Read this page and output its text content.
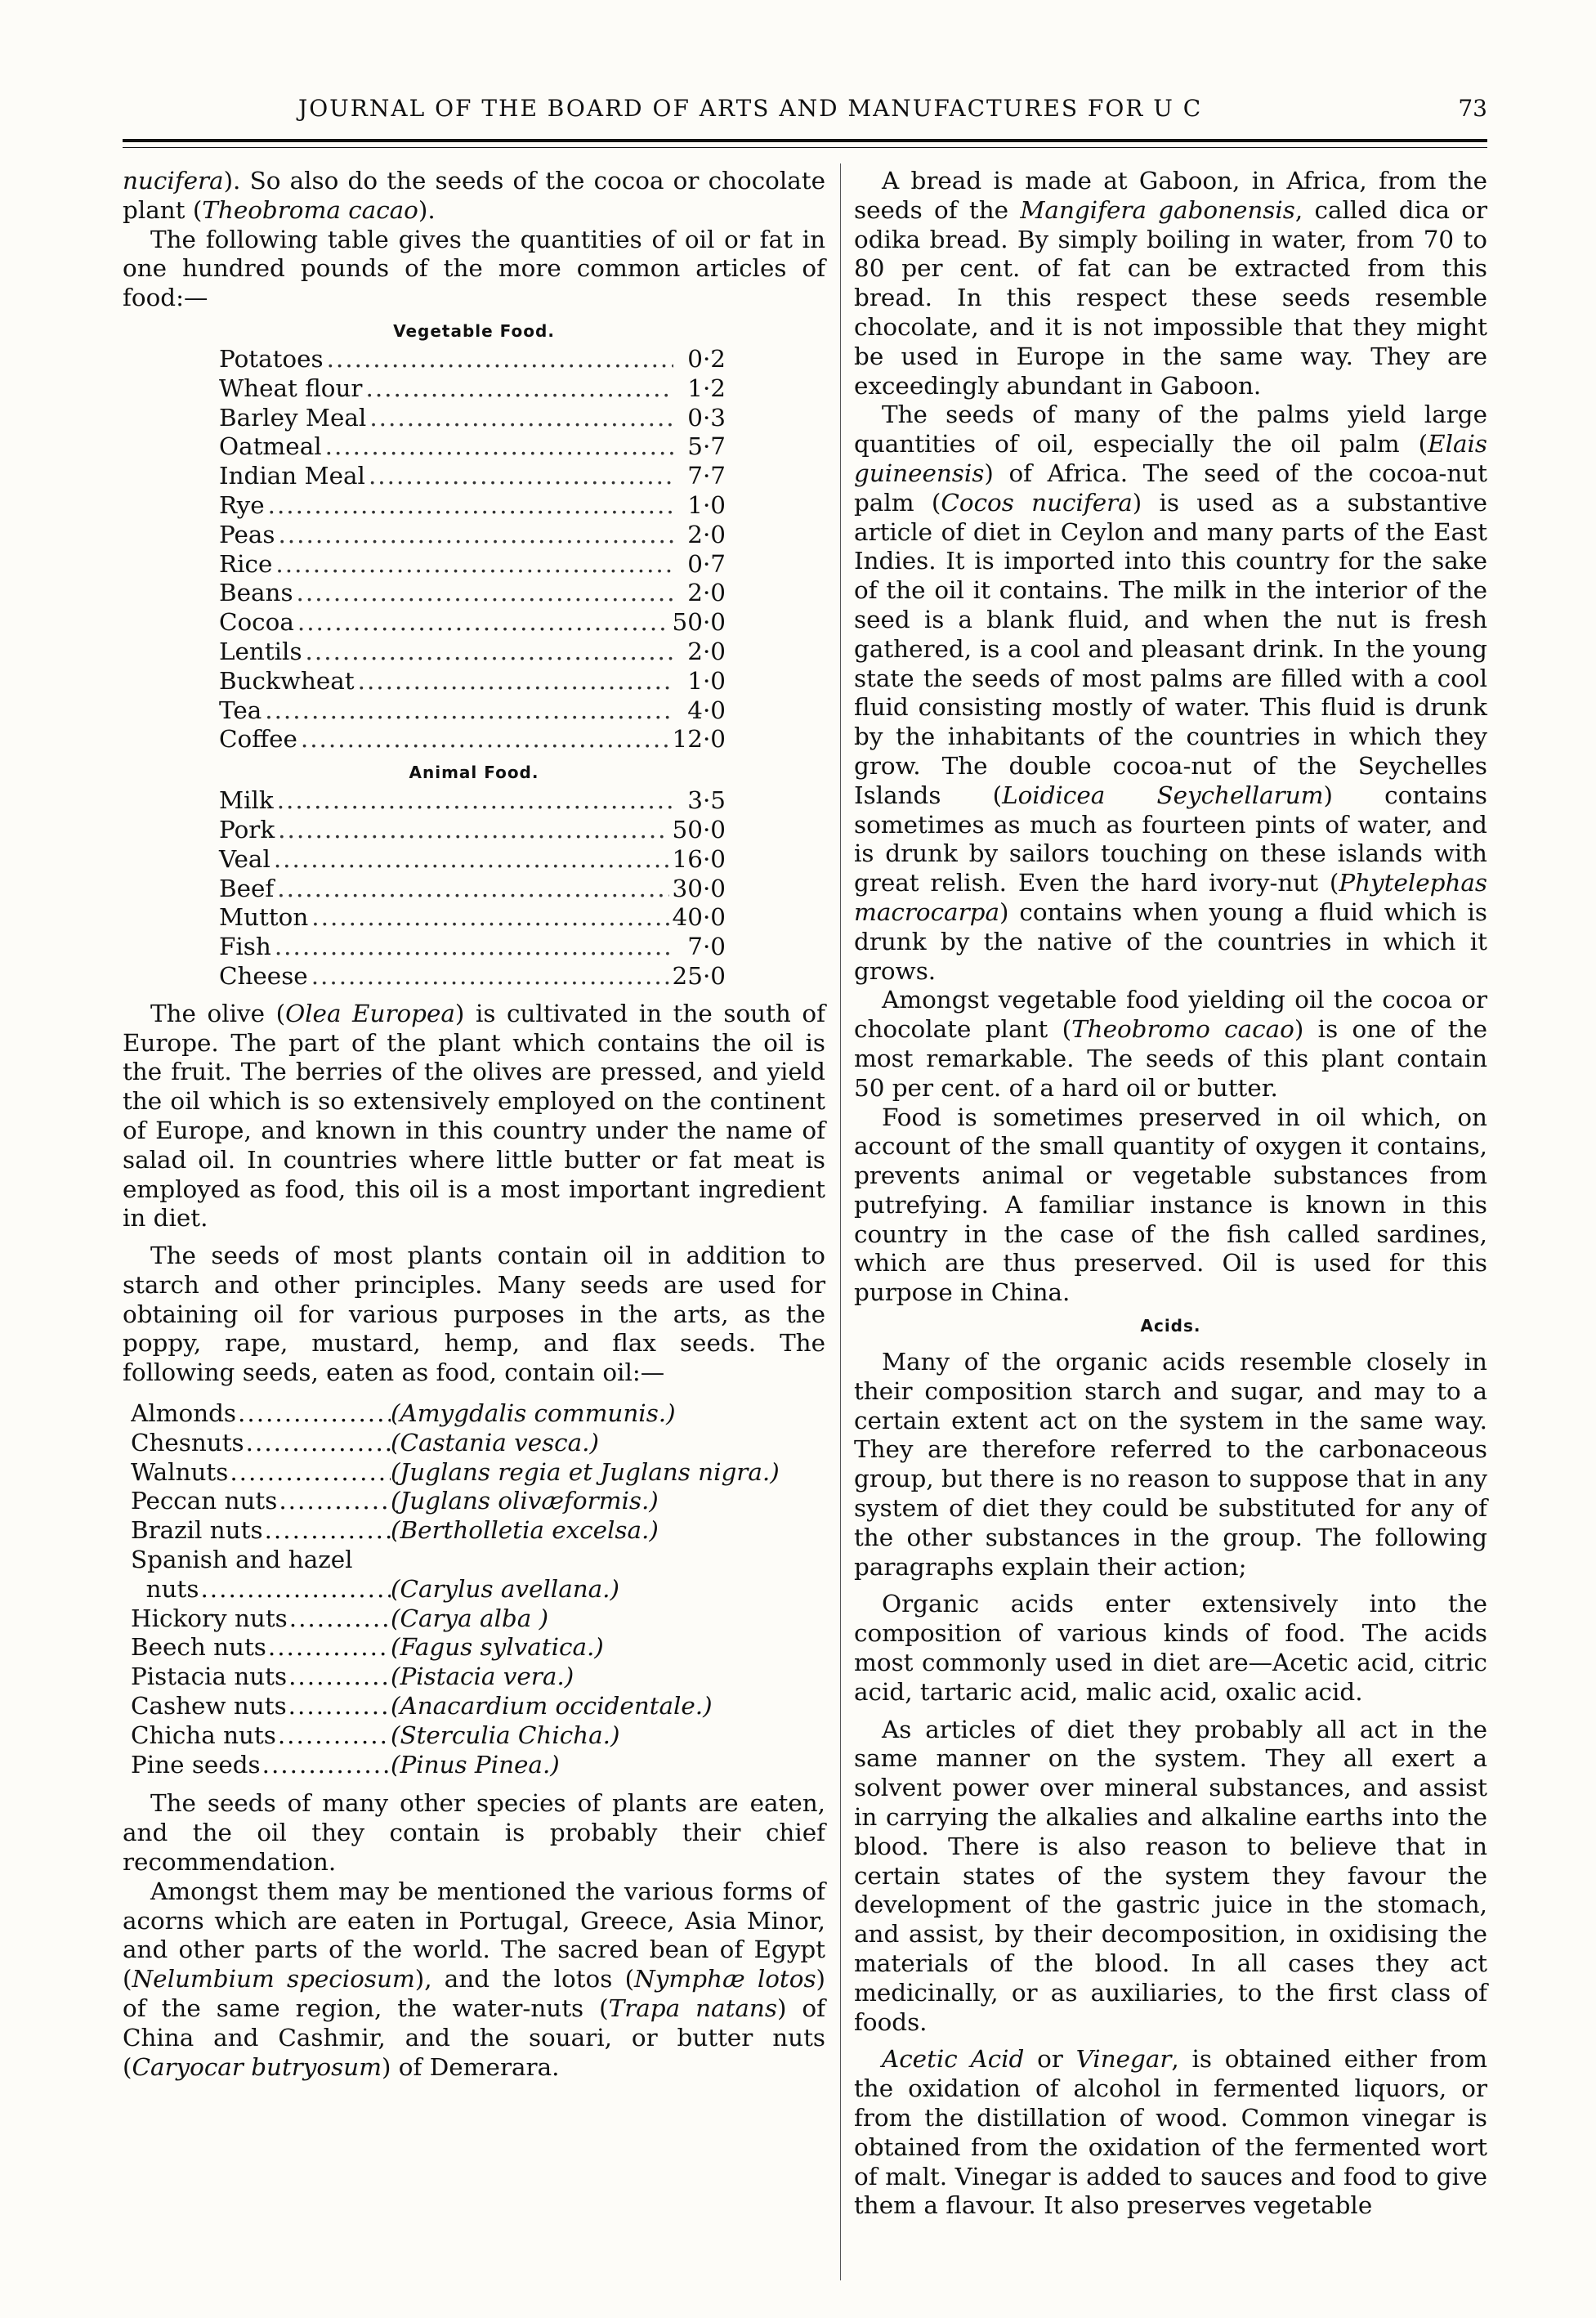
JOURNAL OF THE BOARD OF ARTS AND MANUFACTURES FOR U C	73

nucifera). So also do the seeds of the cocoa or chocolate plant (Theobroma cacao).

The following table gives the quantities of oil or fat in one hundred pounds of the more common articles of food:—

Vegetable Food.
Potatoes .....	0·2
Wheat flour .....	1·2
Barley Meal .....	0·3
Oatmeal .....	5·7
Indian Meal .....	7·7
Rye .....	1·0
Peas .....	2·0
Rice .....	0·7
Beans .....	2·0
Cocoa .....	50·0
Lentils .....	2·0
Buckwheat .....	1·0
Tea .....	4·0
Coffee .....	12·0
Animal Food.
Milk .....	3·5
Pork .....	50·0
Veal .....	16·0
Beef .....	30·0
Mutton .....	40·0
Fish .....	7·0
Cheese .....	25·0

The olive (Olea Europea) is cultivated in the south of Europe. The part of the plant which contains the oil is the fruit. The berries of the olives are pressed, and yield the oil which is so extensively employed on the continent of Europe, and known in this country under the name of salad oil. In countries where little butter or fat meat is employed as food, this oil is a most important ingredient in diet.

The seeds of most plants contain oil in addition to starch and other principles. Many seeds are used for obtaining oil for various purposes in the arts, as the poppy, rape, mustard, hemp, and flax seeds. The following seeds, eaten as food, contain oil:—

Almonds .....	(Amygdalis communis.)
Chesnuts .....	(Castania vesca.)
Walnuts .....	(Juglans regia et Juglans nigra.)
Peccan nuts .....	(Juglans olivæformis.)
Brazil nuts .....	(Bertholletia excelsa.)
Spanish and hazel
nuts .....	(Carylus avellana.)
Hickory nuts .....	(Carya alba )
Beech nuts .....	(Fagus sylvatica.)
Pistacia nuts .....	(Pistacia vera.)
Cashew nuts .....	(Anacardium occidentale.)
Chicha nuts .....	(Sterculia Chicha.)
Pine seeds .....	(Pinus Pinea.)

The seeds of many other species of plants are eaten, and the oil they contain is probably their chief recommendation.

Amongst them may be mentioned the various forms of acorns which are eaten in Portugal, Greece, Asia Minor, and other parts of the world. The sacred bean of Egypt (Nelumbium speciosum), and the lotos (Nymphæ lotos) of the same region, the water-nuts (Trapa natans) of China and Cashmir, and the souari, or butter nuts (Caryocar butryosum) of Demerara.

A bread is made at Gaboon, in Africa, from the seeds of the Mangifera gabonensis, called dica or odika bread. By simply boiling in water, from 70 to 80 per cent. of fat can be extracted from this bread. In this respect these seeds resemble chocolate, and it is not impossible that they might be used in Europe in the same way. They are exceedingly abundant in Gaboon.

The seeds of many of the palms yield large quantities of oil, especially the oil palm (Elais guineensis) of Africa. The seed of the cocoa-nut palm (Cocos nucifera) is used as a substantive article of diet in Ceylon and many parts of the East Indies. It is imported into this country for the sake of the oil it contains. The milk in the interior of the seed is a blank fluid, and when the nut is fresh gathered, is a cool and pleasant drink. In the young state the seeds of most palms are filled with a cool fluid consisting mostly of water. This fluid is drunk by the inhabitants of the countries in which they grow. The double cocoa-nut of the Seychelles Islands (Loidicea Seychellarum) contains sometimes as much as fourteen pints of water, and is drunk by sailors touching on these islands with great relish. Even the hard ivory-nut (Phytelephas macrocarpa) contains when young a fluid which is drunk by the native of the countries in which it grows.

Amongst vegetable food yielding oil the cocoa or chocolate plant (Theobromo cacao) is one of the most remarkable. The seeds of this plant contain 50 per cent. of a hard oil or butter.

Food is sometimes preserved in oil which, on account of the small quantity of oxygen it contains, prevents animal or vegetable substances from putrefying. A familiar instance is known in this country in the case of the fish called sardines, which are thus preserved. Oil is used for this purpose in China.

Acids.

Many of the organic acids resemble closely in their composition starch and sugar, and may to a certain extent act on the system in the same way. They are therefore referred to the carbonaceous group, but there is no reason to suppose that in any system of diet they could be substituted for any of the other substances in the group. The following paragraphs explain their action;

Organic acids enter extensively into the composition of various kinds of food. The acids most commonly used in diet are—Acetic acid, citric acid, tartaric acid, malic acid, oxalic acid.

As articles of diet they probably all act in the same manner on the system. They all exert a solvent power over mineral substances, and assist in carrying the alkalies and alkaline earths into the blood. There is also reason to believe that in certain states of the system they favour the development of the gastric juice in the stomach, and assist, by their decomposition, in oxidising the materials of the blood. In all cases they act medicinally, or as auxiliaries, to the first class of foods.

Acetic Acid or Vinegar, is obtained either from the oxidation of alcohol in fermented liquors, or from the distillation of wood. Common vinegar is obtained from the oxidation of the fermented wort of malt. Vinegar is added to sauces and food to give them a flavour. It also preserves vegetable
